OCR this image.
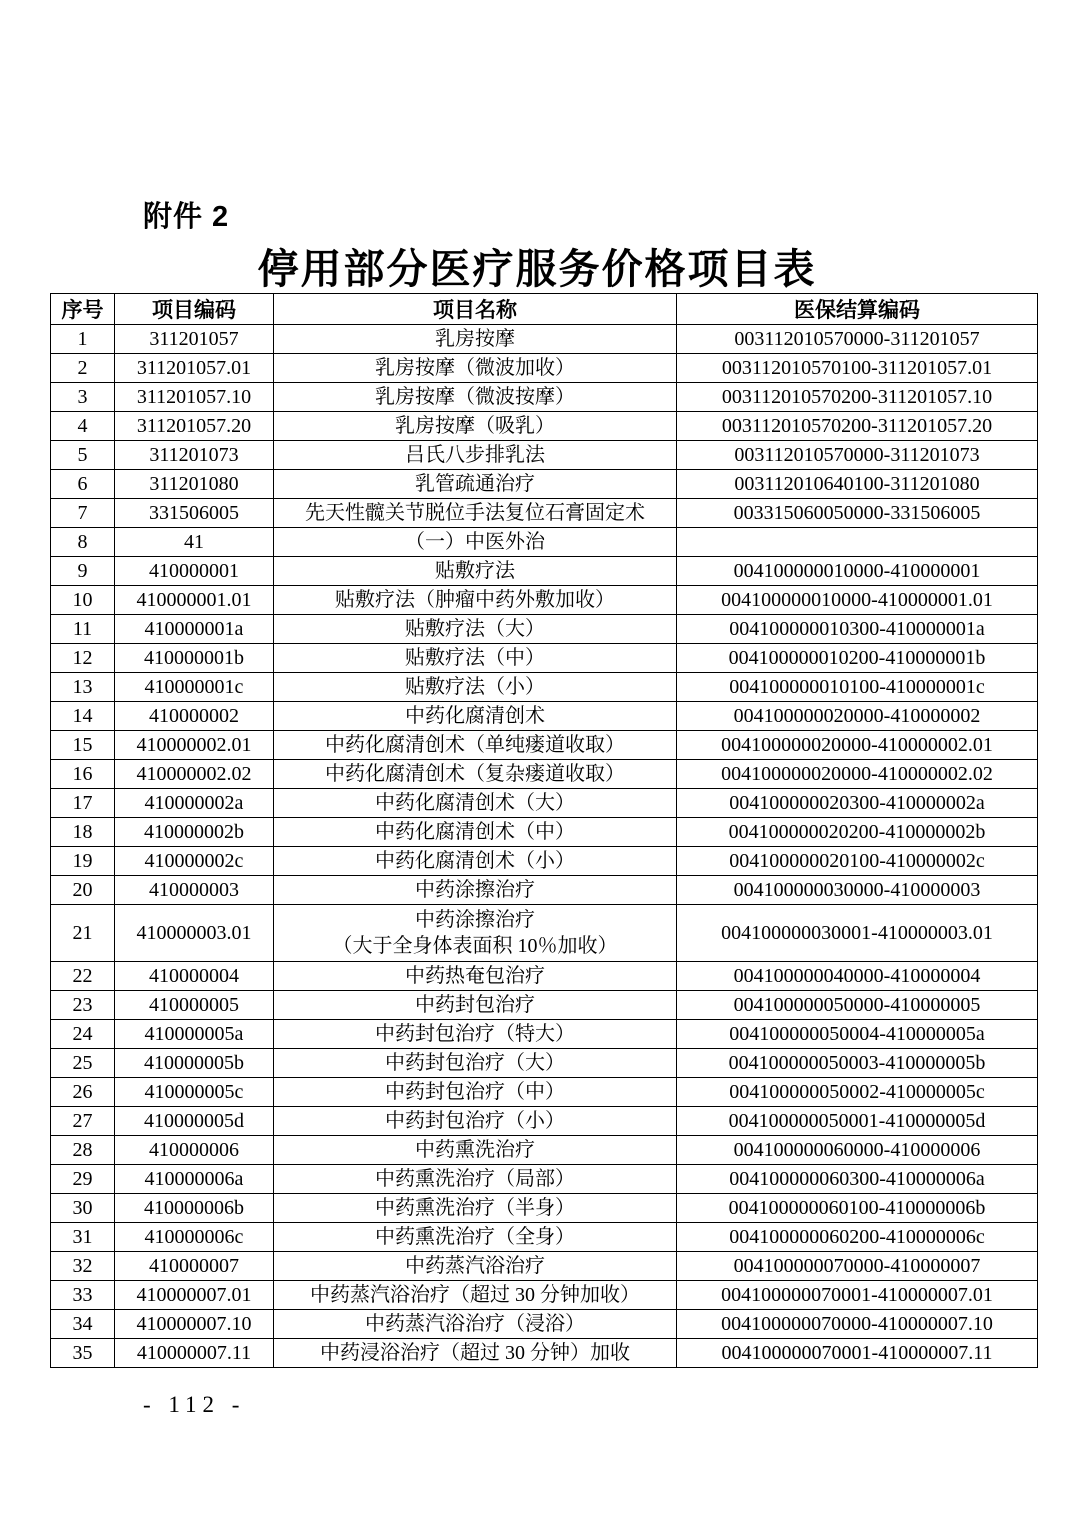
附件 2
停用部分医疗服务价格项目表
序号	项目编码	项目名称	医保结算编码
1	311201057	乳房按摩	003112010570000-311201057
2	311201057.01	乳房按摩（微波加收）	003112010570100-311201057.01
3	311201057.10	乳房按摩（微波按摩）	003112010570200-311201057.10
4	311201057.20	乳房按摩（吸乳）	003112010570200-311201057.20
5	311201073	吕氏八步排乳法	003112010570000-311201073
6	311201080	乳管疏通治疗	003112010640100-311201080
7	331506005	先天性髋关节脱位手法复位石膏固定术	003315060050000-331506005
8	41	（一）中医外治	
9	410000001	贴敷疗法	004100000010000-410000001
10	410000001.01	贴敷疗法（肿瘤中药外敷加收）	004100000010000-410000001.01
11	410000001a	贴敷疗法（大）	004100000010300-410000001a
12	410000001b	贴敷疗法（中）	004100000010200-410000001b
13	410000001c	贴敷疗法（小）	004100000010100-410000001c
14	410000002	中药化腐清创术	004100000020000-410000002
15	410000002.01	中药化腐清创术（单纯瘘道收取）	004100000020000-410000002.01
16	410000002.02	中药化腐清创术（复杂瘘道收取）	004100000020000-410000002.02
17	410000002a	中药化腐清创术（大）	004100000020300-410000002a
18	410000002b	中药化腐清创术（中）	004100000020200-410000002b
19	410000002c	中药化腐清创术（小）	004100000020100-410000002c
20	410000003	中药涂擦治疗	004100000030000-410000003
21	410000003.01	中药涂擦治疗
（大于全身体表面积 10％加收）	004100000030001-410000003.01
22	410000004	中药热奄包治疗	004100000040000-410000004
23	410000005	中药封包治疗	004100000050000-410000005
24	410000005a	中药封包治疗（特大）	004100000050004-410000005a
25	410000005b	中药封包治疗（大）	004100000050003-410000005b
26	410000005c	中药封包治疗（中）	004100000050002-410000005c
27	410000005d	中药封包治疗（小）	004100000050001-410000005d
28	410000006	中药熏洗治疗	004100000060000-410000006
29	410000006a	中药熏洗治疗（局部）	004100000060300-410000006a
30	410000006b	中药熏洗治疗（半身）	004100000060100-410000006b
31	410000006c	中药熏洗治疗（全身）	004100000060200-410000006c
32	410000007	中药蒸汽浴治疗	004100000070000-410000007
33	410000007.01	中药蒸汽浴治疗（超过 30 分钟加收）	004100000070001-410000007.01
34	410000007.10	中药蒸汽浴治疗（浸浴）	004100000070000-410000007.10
35	410000007.11	中药浸浴治疗（超过 30 分钟）加收	004100000070001-410000007.11
- 112 -
